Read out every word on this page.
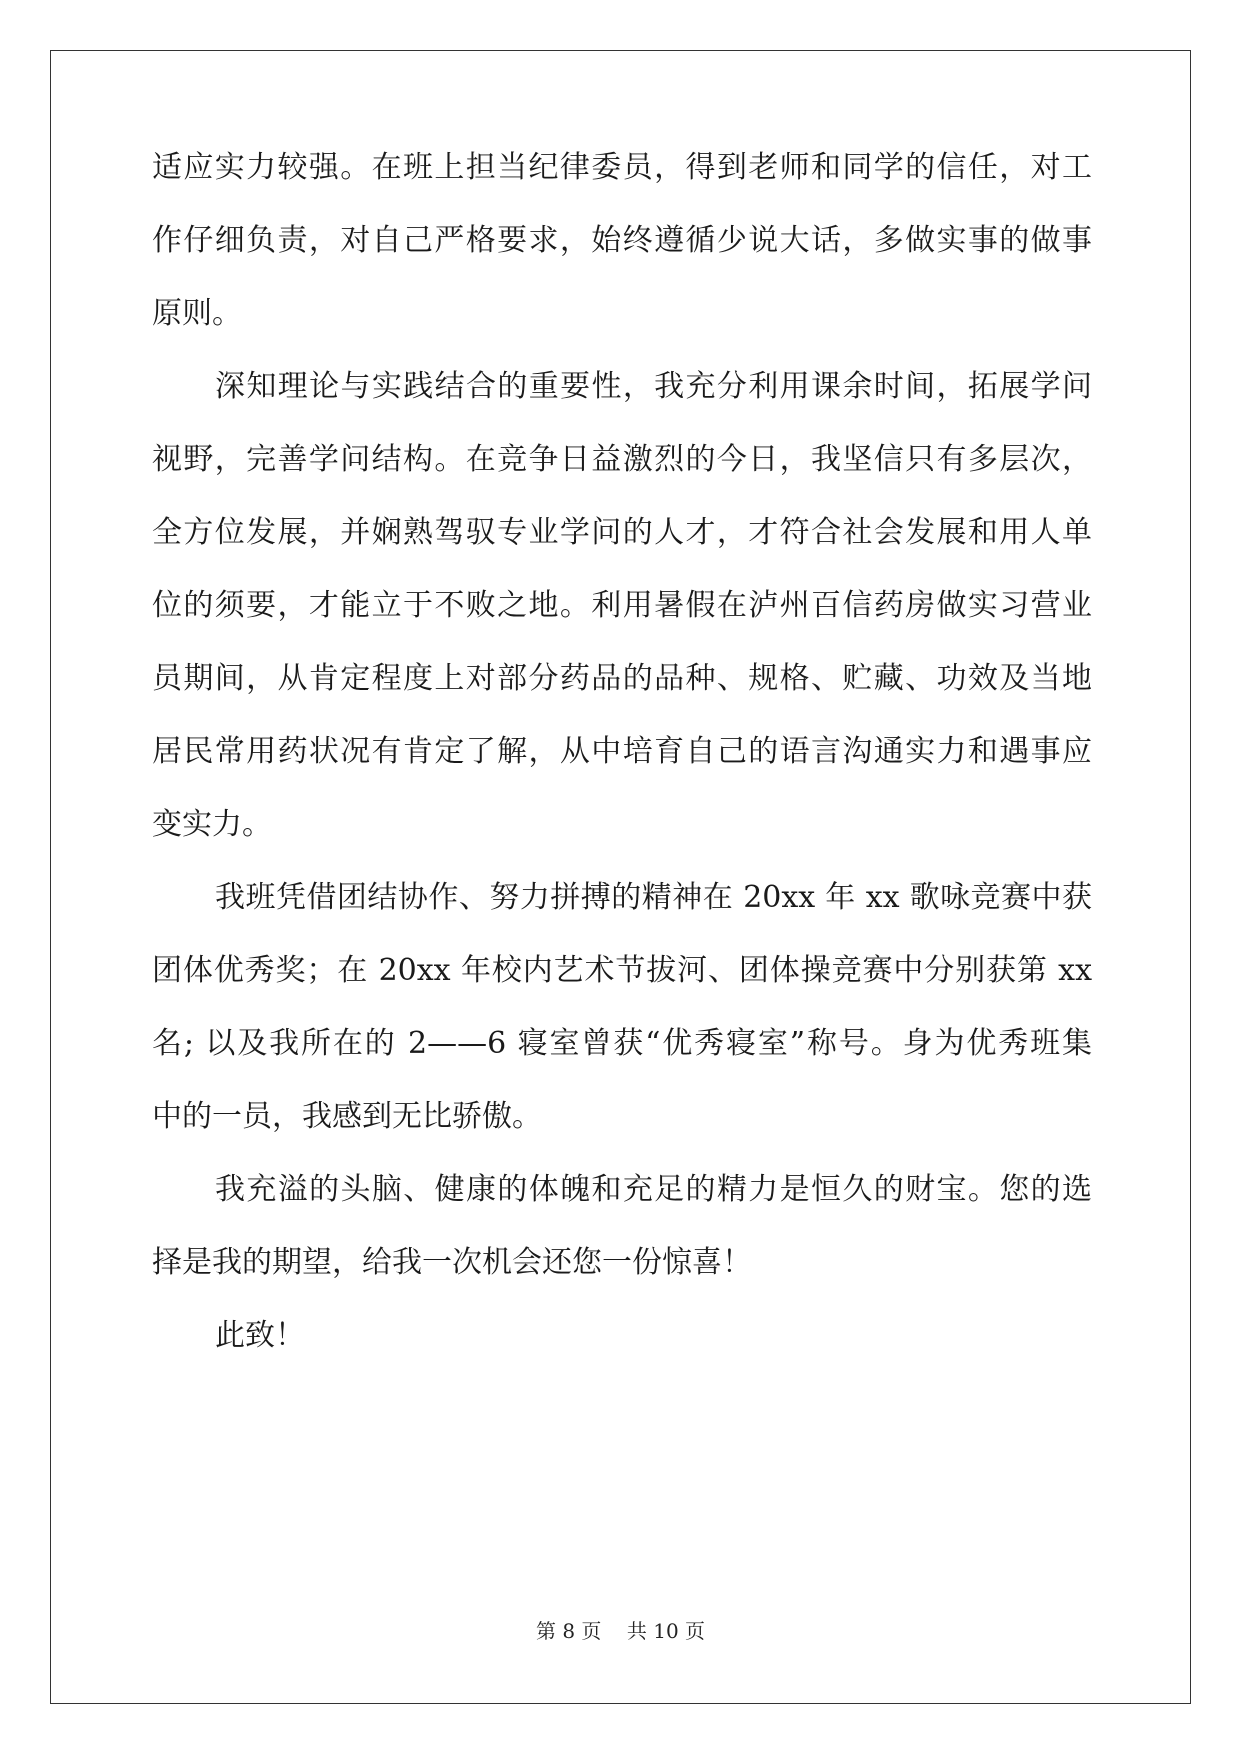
适应实力较强。在班上担当纪律委员，得到老师和同学的信任，对工
作仔细负责，对自己严格要求，始终遵循少说大话，多做实事的做事
原则。
深知理论与实践结合的重要性，我充分利用课余时间，拓展学问
视野，完善学问结构。在竞争日益激烈的今日，我坚信只有多层次，
全方位发展，并娴熟驾驭专业学问的人才，才符合社会发展和用人单
位的须要，才能立于不败之地。利用暑假在泸州百信药房做实习营业
员期间，从肯定程度上对部分药品的品种、规格、贮藏、功效及当地
居民常用药状况有肯定了解，从中培育自己的语言沟通实力和遇事应
变实力。
我班凭借团结协作、努力拼搏的精神在 20xx 年 xx 歌咏竞赛中获
团体优秀奖；在 20xx 年校内艺术节拔河、团体操竞赛中分别获第 xx
名; 以及我所在的 2——6 寝室曾获“优秀寝室”称号。身为优秀班集
中的一员，我感到无比骄傲。
我充溢的头脑、健康的体魄和充足的精力是恒久的财宝。您的选
择是我的期望，给我一次机会还您一份惊喜！
此致！
第 8 页 共 10 页
